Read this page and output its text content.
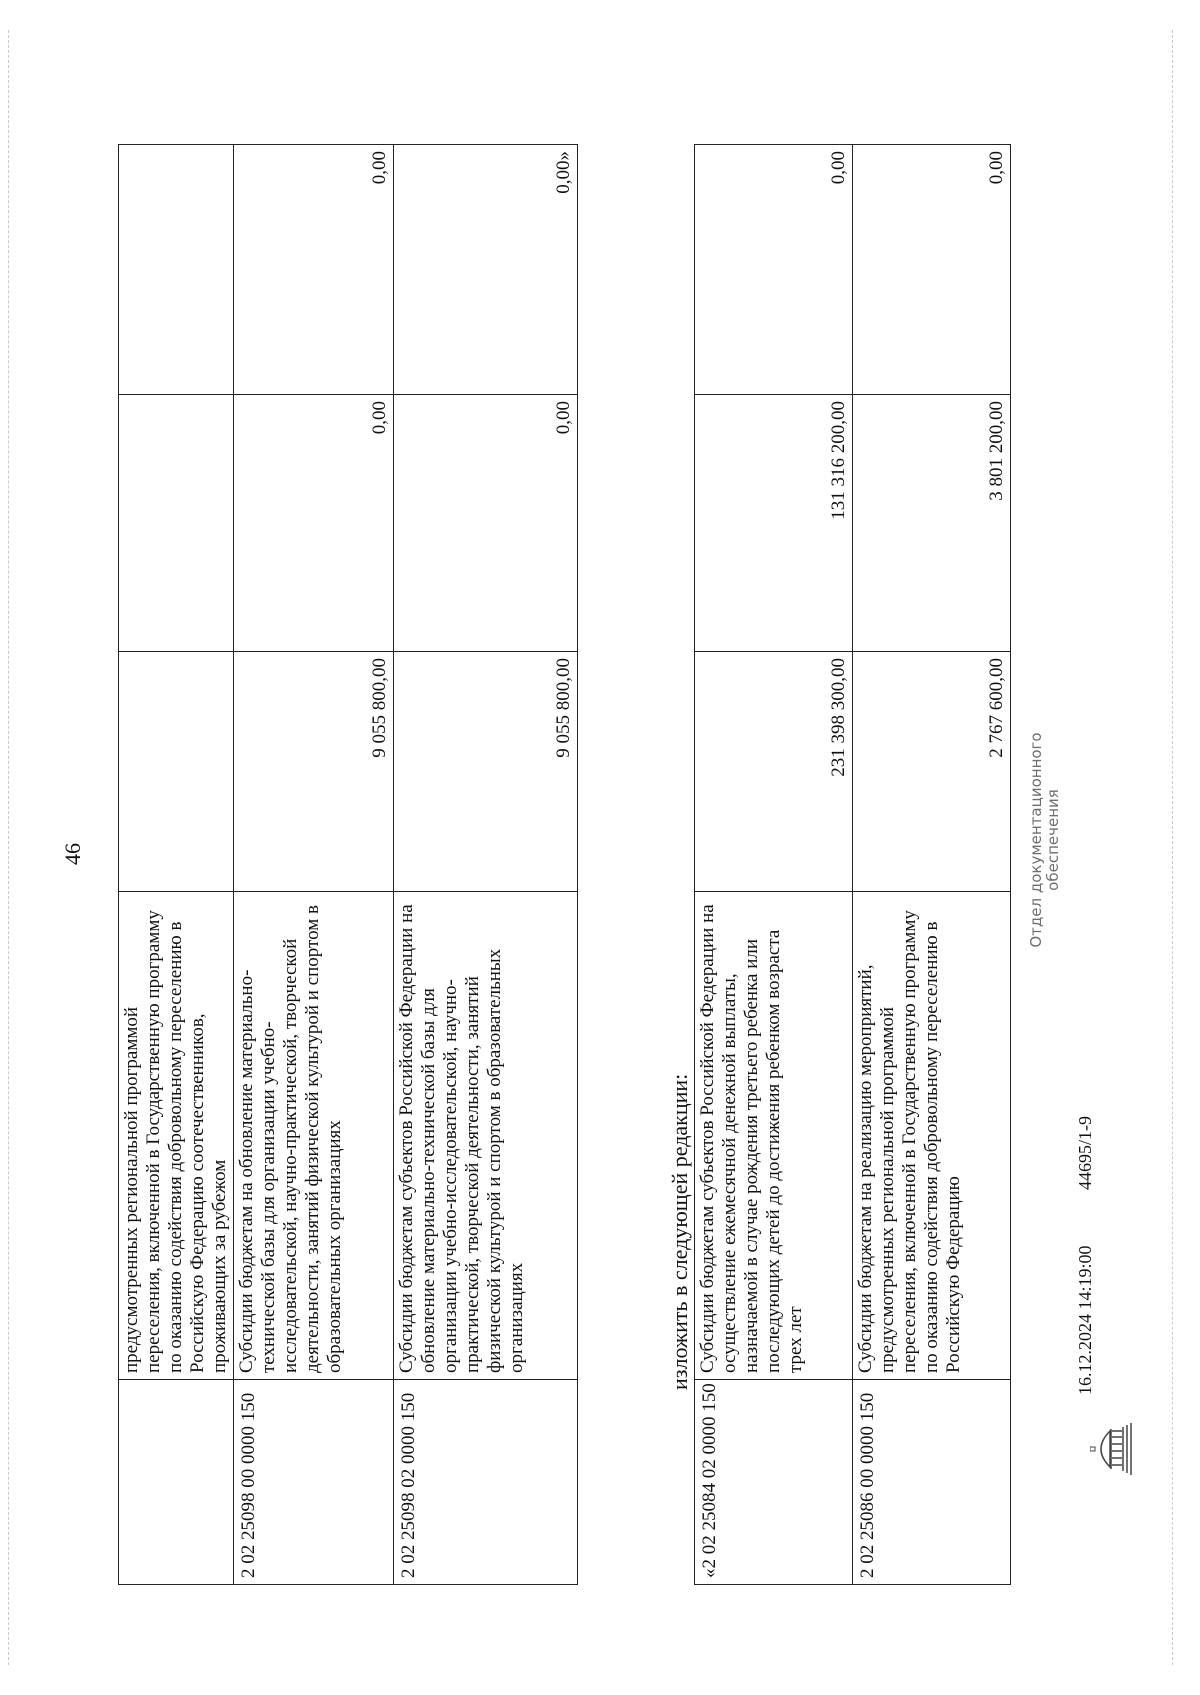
46
	предусмотренных региональной программой переселения, включенной в Государственную программу по оказанию содействия добровольному переселению в Российскую Федерацию соотечественников, проживающих за рубежом			
2 02 25098 00 0000 150	Субсидии бюджетам на обновление материально-технической базы для организации учебно-исследовательской, научно-практической, творческой деятельности, занятий физической культурой и спортом в образовательных организациях	9 055 800,00	0,00	0,00
2 02 25098 02 0000 150	Субсидии бюджетам субъектов Российской Федерации на обновление материально-технической базы для организации учебно-исследовательской, научно-практической, творческой деятельности, занятий физической культурой и спортом в образовательных организациях	9 055 800,00	0,00	0,00»
изложить в следующей редакции:
«2 02 25084 02 0000 150	Субсидии бюджетам субъектов Российской Федерации на осуществление ежемесячной денежной выплаты, назначаемой в случае рождения третьего ребенка или последующих детей до достижения ребенком возраста трех лет	231 398 300,00	131 316 200,00	0,00
2 02 25086 00 0000 150	Субсидии бюджетам на реализацию мероприятий, предусмотренных региональной программой переселения, включенной в Государственную программу по оказанию содействия добровольному переселению в Российскую Федерацию	2 767 600,00	3 801 200,00	0,00
16.12.2024 14:19:00
44695/1-9
Отдел документационного обеспечения
